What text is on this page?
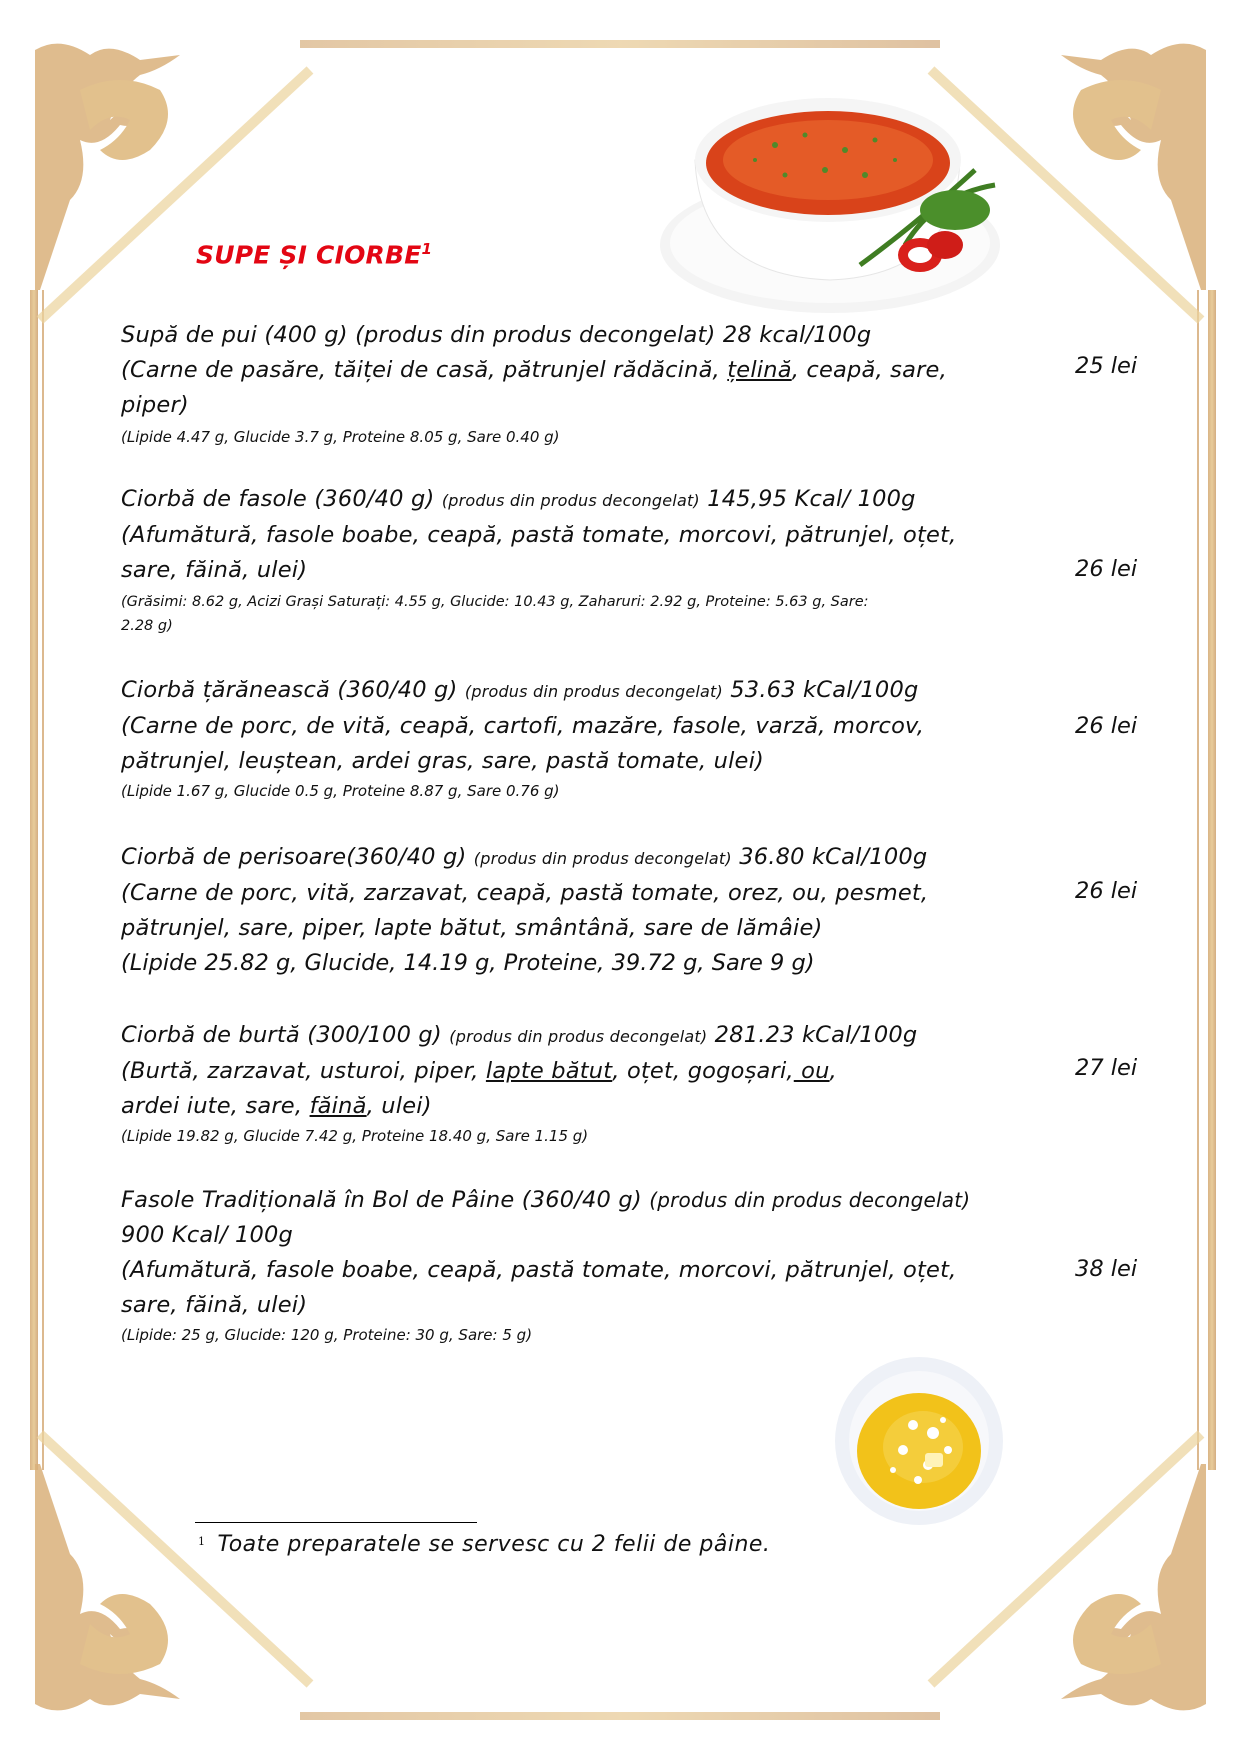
SUPE ȘI CIORBE$^1$
Supă de pui (400 g) (produs din produs decongelat) 28 kcal/100g
(Carne de pasăre, tăiței de casă, pătrunjel rădăcină, țelină, ceapă, sare,
piper)
(Lipide 4.47 g, Glucide 3.7 g, Proteine 8.05 g, Sare 0.40 g)
25 lei
Ciorbă de fasole (360/40 g) (produs din produs decongelat) 145,95 Kcal/ 100g
(Afumătură, fasole boabe, ceapă, pastă tomate, morcovi, pătrunjel, oțet,
sare, făină, ulei)
(Grăsimi: 8.62 g, Acizi Grași Saturați: 4.55 g, Glucide: 10.43 g, Zaharuri: 2.92 g, Proteine: 5.63 g, Sare:
2.28 g)
26 lei
Ciorbă țărănească (360/40 g) (produs din produs decongelat) 53.63 kCal/100g
(Carne de porc, de vită, ceapă, cartofi, mazăre, fasole, varză, morcov,
pătrunjel, leuștean, ardei gras, sare, pastă tomate, ulei)
(Lipide 1.67 g, Glucide 0.5 g, Proteine 8.87 g, Sare 0.76 g)
26 lei
Ciorbă de perisoare(360/40 g) (produs din produs decongelat) 36.80 kCal/100g
(Carne de porc, vită, zarzavat, ceapă, pastă tomate, orez, ou, pesmet,
pătrunjel, sare, piper, lapte bătut, smântână, sare de lămâie)
(Lipide 25.82 g, Glucide, 14.19 g, Proteine, 39.72 g, Sare 9 g)
26 lei
Ciorbă de burtă (300/100 g) (produs din produs decongelat) 281.23 kCal/100g
(Burtă, zarzavat, usturoi, piper, lapte bătut, oțet, gogoșari, ou,
ardei iute, sare, făină, ulei)
(Lipide 19.82 g, Glucide 7.42 g, Proteine 18.40 g, Sare 1.15 g)
27 lei
Fasole Tradițională în Bol de Pâine (360/40 g) (produs din produs decongelat)
900 Kcal/ 100g
(Afumătură, fasole boabe, ceapă, pastă tomate, morcovi, pătrunjel, oțet,
sare, făină, ulei)
(Lipide: 25 g, Glucide: 120 g, Proteine: 30 g, Sare: 5 g)
38 lei
$^1$ Toate preparatele se servesc cu 2 felii de pâine.
